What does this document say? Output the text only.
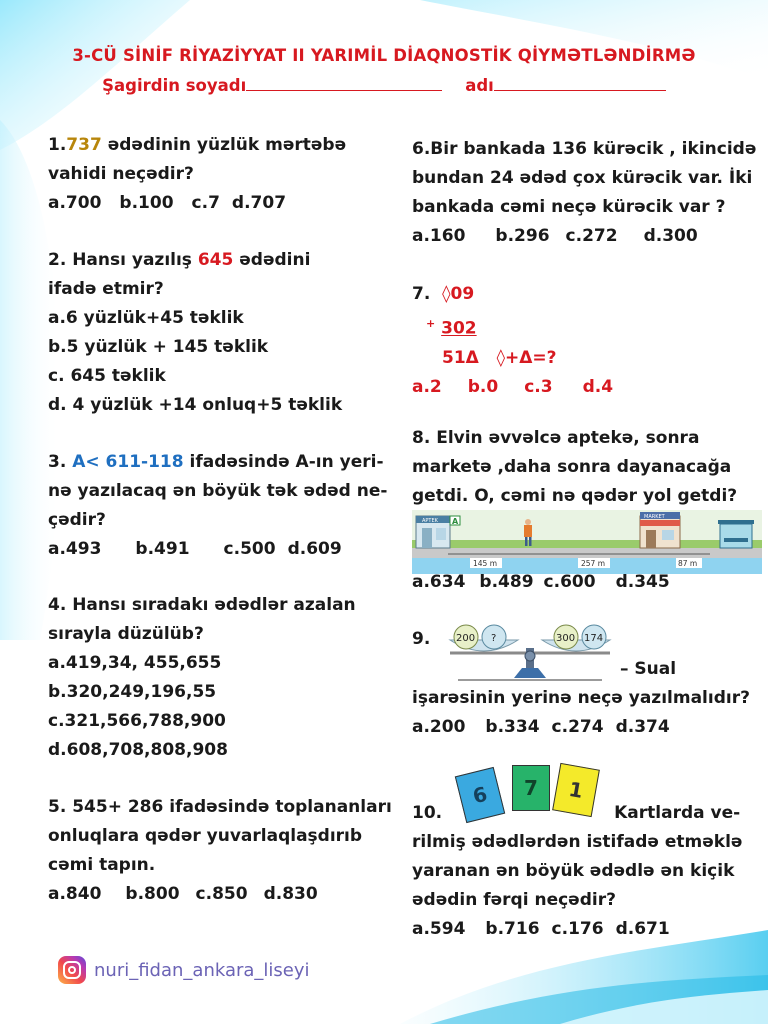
3-CÜ SİNİF RİYAZİYYAT II YARIMİL DİAQNOSTİK QİYMƏTLƏNDİRMƏ
Şagirdin soyadı	adı
1.737 ədədinin yüzlük mərtəbə
vahidi neçədir?
a.700 b.100 c.7 d.707
2. Hansı yazılış 645 ədədini
ifadə etmir?
a.6 yüzlük+45 təklik
b.5 yüzlük + 145 təklik
c. 645 təklik
d. 4 yüzlük +14 onluq+5 təklik
3. A< 611-118 ifadəsində A-ın yeri-
nə yazılacaq ən böyük tək ədəd ne-
çədir?
a.493 b.491 c.500 d.609
4. Hansı sıradakı ədədlər azalan
sırayla düzülüb?
a.419,34, 455,655
b.320,249,196,55
c.321,566,788,900
d.608,708,808,908
5. 545+ 286 ifadəsində toplananları
onluqlara qədər yuvarlaqlaşdırıb
cəmi tapın.
a.840 b.800 c.850 d.830
6.Bir bankada 136 kürəcik , ikincidə
bundan 24 ədəd çox kürəcik var. İki
bankada cəmi neçə kürəcik var ?
a.160 b.296 c.272 d.300
7. ◊09
+ 302
51Δ ◊+Δ=?
a.2 b.0 c.3 d.4
8. Elvin əvvəlcə aptekə, sonra
marketə ,daha sonra dayanacağa
getdi. O, cəmi nə qədər yol getdi?
APTEK A	MARKET
145 m	257 m	87 m
a.634 b.489 c.600 d.345
9.	200 ?	300 174
– Sual
işarəsinin yerinə neçə yazılmalıdır?
a.200 b.334 c.274 d.374
6 7 1
10.	Kartlarda ve-
rilmiş ədədlərdən istifadə etməklə
yaranan ən böyük ədədlə ən kiçik
ədədin fərqi neçədir?
a.594 b.716 c.176 d.671
nuri_fidan_ankara_liseyi
